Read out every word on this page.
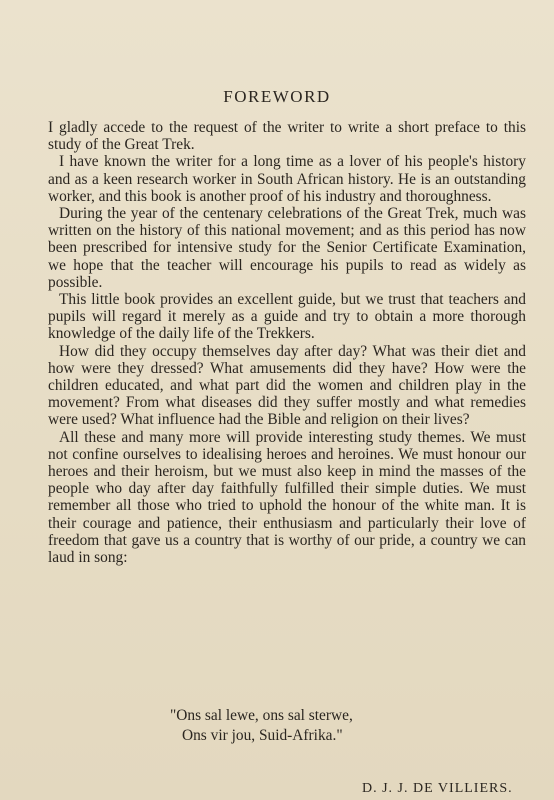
FOREWORD

I gladly accede to the request of the writer to write a short preface to this study of the Great Trek.

I have known the writer for a long time as a lover of his people's history and as a keen research worker in South African history. He is an outstanding worker, and this book is another proof of his industry and thoroughness.

During the year of the centenary celebrations of the Great Trek, much was written on the history of this national movement; and as this period has now been prescribed for intensive study for the Senior Certificate Examination, we hope that the teacher will encourage his pupils to read as widely as possible.

This little book provides an excellent guide, but we trust that teachers and pupils will regard it merely as a guide and try to obtain a more thorough knowledge of the daily life of the Trekkers.

How did they occupy themselves day after day? What was their diet and how were they dressed? What amusements did they have? How were the children educated, and what part did the women and children play in the movement? From what diseases did they suffer mostly and what remedies were used? What influence had the Bible and religion on their lives?

All these and many more will provide interesting study themes. We must not confine ourselves to idealising heroes and heroines. We must honour our heroes and their heroism, but we must also keep in mind the masses of the people who day after day faithfully fulfilled their simple duties. We must remember all those who tried to uphold the honour of the white man. It is their courage and patience, their enthusiasm and particularly their love of freedom that gave us a country that is worthy of our pride, a country we can laud in song:

"Ons sal lewe, ons sal sterwe,
Ons vir jou, Suid-Afrika."
D. J. J. DE VILLIERS.
